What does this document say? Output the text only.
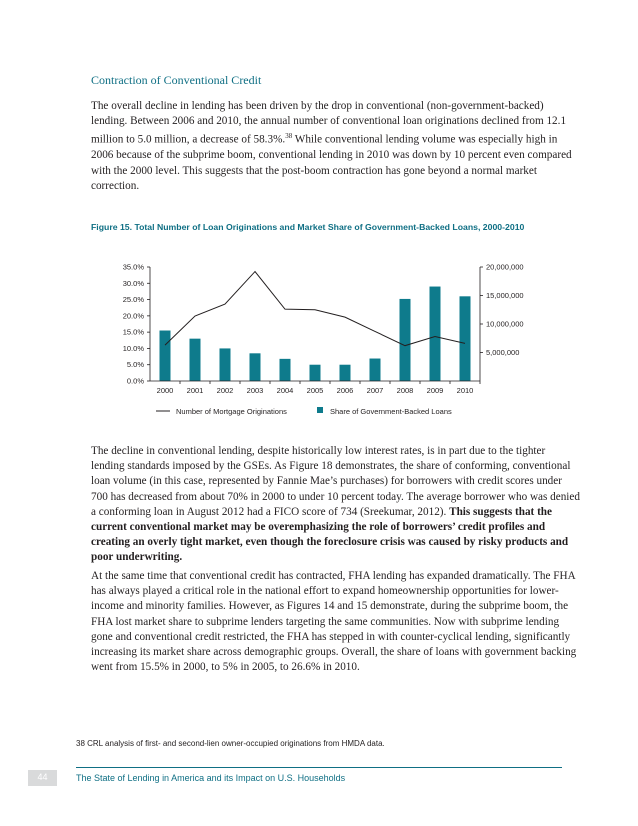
Contraction of Conventional Credit
The overall decline in lending has been driven by the drop in conventional (non-government-backed) lending. Between 2006 and 2010, the annual number of conventional loan originations declined from 12.1 million to 5.0 million, a decrease of 58.3%.$^{38}$ While conventional lending volume was especially high in 2006 because of the subprime boom, conventional lending in 2010 was down by 10 percent even compared with the 2000 level. This suggests that the post-boom contraction has gone beyond a normal market correction.
Figure 15. Total Number of Loan Originations and Market Share of Government-Backed Loans, 2000-2010
0.0%
5.0%
10.0%
15.0%
20.0%
25.0%
30.0%
35.0%
5,000,000
10,000,000
15,000,000
20,000,000
2000 2001 2002 2003 2004 2005 2006 2007 2008 2009 2010
Number of Mortgage Originations	Share of Government-Backed Loans
The decline in conventional lending, despite historically low interest rates, is in part due to the tighter lending standards imposed by the GSEs. As Figure 18 demonstrates, the share of conforming, conventional loan volume (in this case, represented by Fannie Mae’s purchases) for borrowers with credit scores under 700 has decreased from about 70% in 2000 to under 10 percent today. The average borrower who was denied a conforming loan in August 2012 had a FICO score of 734 (Sreekumar, 2012). This suggests that the current conventional market may be overemphasizing the role of borrowers’ credit profiles and creating an overly tight market, even though the foreclosure crisis was caused by risky products and poor underwriting.
At the same time that conventional credit has contracted, FHA lending has expanded dramatically. The FHA has always played a critical role in the national effort to expand homeownership opportunities for lower-income and minority families. However, as Figures 14 and 15 demonstrate, during the subprime boom, the FHA lost market share to subprime lenders targeting the same communities. Now with subprime lending gone and conventional credit restricted, the FHA has stepped in with counter-cyclical lending, significantly increasing its market share across demographic groups. Overall, the share of loans with government backing went from 15.5% in 2000, to 5% in 2005, to 26.6% in 2010.
38 CRL analysis of first- and second-lien owner-occupied originations from HMDA data.
44	The State of Lending in America and its Impact on U.S. Households
